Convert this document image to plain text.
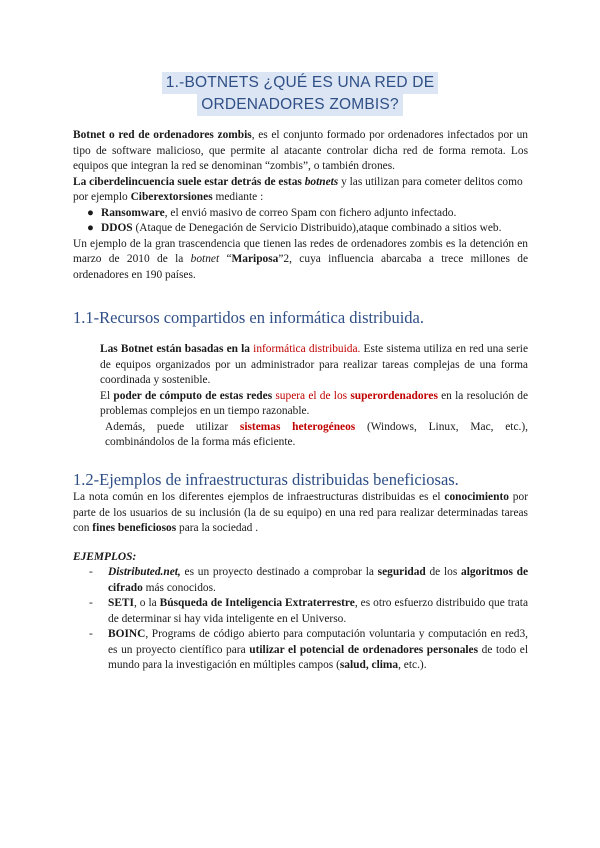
1.-BOTNETS ¿QUÉ ES UNA RED DE
ORDENADORES ZOMBIS?

Botnet o red de ordenadores zombis, es el conjunto formado por ordenadores infectados por un tipo de software malicioso, que permite al atacante controlar dicha red de forma remota. Los equipos que integran la red se denominan “zombis”, o también drones.

La ciberdelincuencia suele estar detrás de estas botnets y las utilizan para cometer delitos como por ejemplo Ciberextorsiones mediante :

● Ransomware, el envió masivo de correo Spam con fichero adjunto infectado.
● DDOS (Ataque de Denegación de Servicio Distribuido),ataque combinado a sitios web.

Un ejemplo de la gran trascendencia que tienen las redes de ordenadores zombis es la detención en marzo de 2010 de la botnet “Mariposa”2, cuya influencia abarcaba a trece millones de ordenadores en 190 países.

1.1-Recursos compartidos en informática distribuida.

Las Botnet están basadas en la informática distribuida. Este sistema utiliza en red una serie de equipos organizados por un administrador para realizar tareas complejas de una forma coordinada y sostenible.

El poder de cómputo de estas redes supera el de los superordenadores en la resolución de problemas complejos en un tiempo razonable.

Además, puede utilizar sistemas heterogéneos (Windows, Linux, Mac, etc.), combinándolos de la forma más eficiente.

1.2-Ejemplos de infraestructuras distribuidas beneficiosas.

La nota común en los diferentes ejemplos de infraestructuras distribuidas es el conocimiento por parte de los usuarios de su inclusión (la de su equipo) en una red para realizar determinadas tareas con fines beneficiosos para la sociedad .

EJEMPLOS:

- Distributed.net, es un proyecto destinado a comprobar la seguridad de los algoritmos de cifrado más conocidos.
- SETI, o la Búsqueda de Inteligencia Extraterrestre, es otro esfuerzo distribuido que trata de determinar si hay vida inteligente en el Universo.
- BOINC, Programs de código abierto para computación voluntaria y computación en red3, es un proyecto científico para utilizar el potencial de ordenadores personales de todo el mundo para la investigación en múltiples campos (salud, clima, etc.).
